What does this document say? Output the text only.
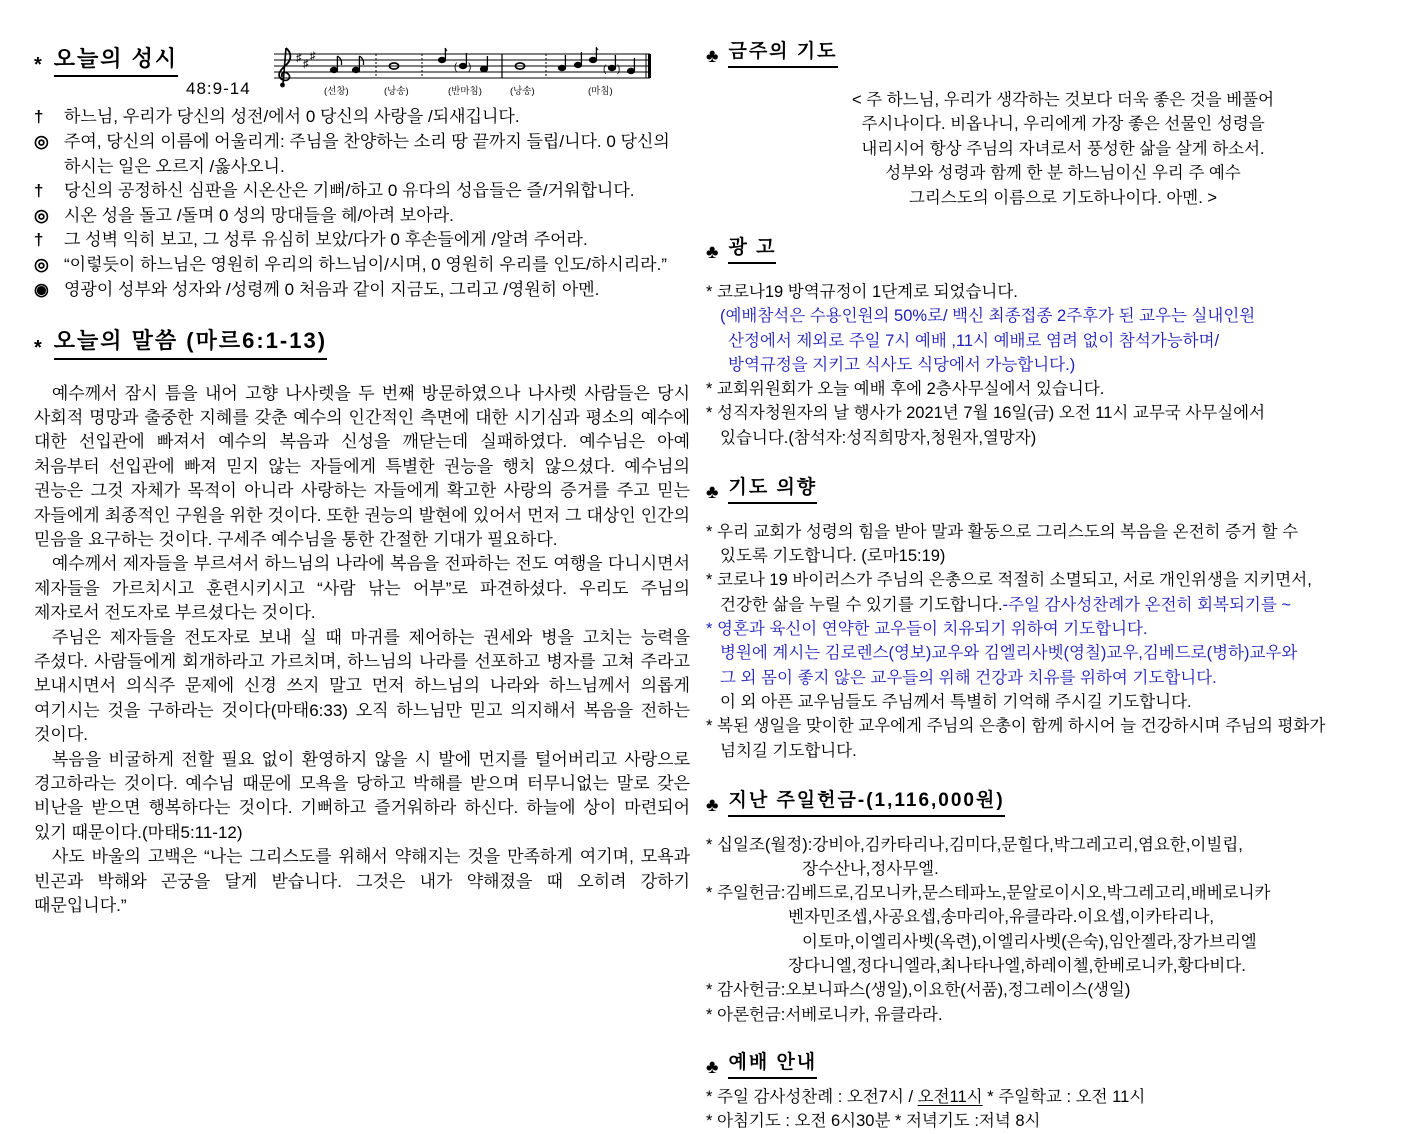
* 오늘의 성시	♯ ♯
♯
( )	( )
(선창)	(낭송)	(반마침)	(낭송)	(마침)
48:9-14
†	하느님, 우리가 당신의 성전/에서 0 당신의 사랑을 /되새깁니다.
◎ 주여, 당신의 이름에 어울리게: 주님을 찬양하는 소리 땅 끝까지 들립/니다. 0 당신의 하시는 일은 오르지 /옳사오니.
†	당신의 공정하신 심판을 시온산은 기뻐/하고 0 유다의 성읍들은 즐/거워합니다.
◎ 시온 성을 돌고 /돌며 0 성의 망대들을 헤/아려 보아라.
†	그 성벽 익히 보고, 그 성루 유심히 보았/다가 0 후손들에게 /알려 주어라.
◎ “이렇듯이 하느님은 영원히 우리의 하느님이/시며, 0 영원히 우리를 인도/하시리라.”
◉ 영광이 성부와 성자와 /성령께 0 처음과 같이 지금도, 그리고 /영원히 아멘.
* 오늘의 말씀 (마르6:1-13)

예수께서 잠시 틈을 내어 고향 나사렛을 두 번째 방문하였으나 나사렛 사람들은 당시 사회적 명망과 출중한 지혜를 갖춘 예수의 인간적인 측면에 대한 시기심과 평소의 예수에 대한 선입관에 빠져서 예수의 복음과 신성을 깨닫는데 실패하였다. 예수님은 아예 처음부터 선입관에 빠져 믿지 않는 자들에게 특별한 권능을 행치 않으셨다. 예수님의 권능은 그것 자체가 목적이 아니라 사랑하는 자들에게 확고한 사랑의 증거를 주고 믿는 자들에게 최종적인 구원을 위한 것이다. 또한 권능의 발현에 있어서 먼저 그 대상인 인간의 믿음을 요구하는 것이다. 구세주 예수님을 통한 간절한 기대가 필요하다.

예수께서 제자들을 부르셔서 하느님의 나라에 복음을 전파하는 전도 여행을 다니시면서 제자들을 가르치시고 훈련시키시고 “사람 낚는 어부”로 파견하셨다. 우리도 주님의 제자로서 전도자로 부르셨다는 것이다.

주님은 제자들을 전도자로 보내 실 때 마귀를 제어하는 권세와 병을 고치는 능력을 주셨다. 사람들에게 회개하라고 가르치며, 하느님의 나라를 선포하고 병자를 고쳐 주라고 보내시면서 의식주 문제에 신경 쓰지 말고 먼저 하느님의 나라와 하느님께서 의롭게 여기시는 것을 구하라는 것이다(마태6:33) 오직 하느님만 믿고 의지해서 복음을 전하는 것이다.

복음을 비굴하게 전할 필요 없이 환영하지 않을 시 발에 먼지를 털어버리고 사랑으로 경고하라는 것이다. 예수님 때문에 모욕을 당하고 박해를 받으며 터무니없는 말로 갖은 비난을 받으면 행복하다는 것이다. 기뻐하고 즐거워하라 하신다. 하늘에 상이 마련되어 있기 때문이다.(마태5:11-12)

사도 바울의 고백은 “나는 그리스도를 위해서 약해지는 것을 만족하게 여기며, 모욕과 빈곤과 박해와 곤궁을 달게 받습니다. 그것은 내가 약해졌을 때 오히려 강하기 때문입니다.”

♣ 금주의 기도
< 주 하느님, 우리가 생각하는 것보다 더욱 좋은 것을 베풀어
주시나이다. 비옵나니, 우리에게 가장 좋은 선물인 성령을
내리시어 항상 주님의 자녀로서 풍성한 삶을 살게 하소서.
성부와 성령과 함께 한 분 하느님이신 우리 주 예수
그리스도의 이름으로 기도하나이다. 아멘. >
♣ 광 고
* 코로나19 방역규정이 1단계로 되었습니다.
(예배참석은 수용인원의 50%로/ 백신 최종접종 2주후가 된 교우는 실내인원
산정에서 제외로 주일 7시 예배 ,11시 예배로 염려 없이 참석가능하며/
방역규정을 지키고 식사도 식당에서 가능합니다.)
* 교회위원회가 오늘 예배 후에 2층사무실에서 있습니다.
* 성직자청원자의 날 행사가 2021년 7월 16일(금) 오전 11시 교무국 사무실에서
있습니다.(참석자:성직희망자,청원자,열망자)
♣ 기도 의향
* 우리 교회가 성령의 힘을 받아 말과 활동으로 그리스도의 복음을 온전히 증거 할 수
있도록 기도합니다. (로마15:19)
* 코로나 19 바이러스가 주님의 은총으로 적절히 소멸되고, 서로 개인위생을 지키면서,
건강한 삶을 누릴 수 있기를 기도합니다.-주일 감사성찬례가 온전히 회복되기를 ~
* 영혼과 육신이 연약한 교우들이 치유되기 위하여 기도합니다.
병원에 계시는 김로렌스(영보)교우와 김엘리사벳(영칠)교우,김베드로(병하)교우와
그 외 몸이 좋지 않은 교우들의 위해 건강과 치유를 위하여 기도합니다.
이 외 아픈 교우님들도 주님께서 특별히 기억해 주시길 기도합니다.
* 복된 생일을 맞이한 교우에게 주님의 은총이 함께 하시어 늘 건강하시며 주님의 평화가
넘치길 기도합니다.
♣ 지난 주일헌금-(1,116,000원)
* 십일조(월정):강비아,김카타리나,김미다,문힐다,박그레고리,염요한,이빌립,
장수산나,정사무엘.
* 주일헌금:김베드로,김모니카,문스테파노,문알로이시오,박그레고리,배베로니카
벤자민조셉,사공요셉,송마리아,유클라라.이요셉,이카타리나,
이토마,이엘리사벳(옥련),이엘리사벳(은숙),임안젤라,장가브리엘
장다니엘,정다니엘라,최나타나엘,하레이첼,한베로니카,황다비다.
* 감사헌금:오보니파스(생일),이요한(서품),정그레이스(생일)
* 아론헌금:서베로니카, 유클라라.
♣ 예배 안내
* 주일 감사성찬례 : 오전7시 / 오전11시 * 주일학교 : 오전 11시
* 아침기도 : 오전 6시30분 * 저녁기도 :저녁 8시
